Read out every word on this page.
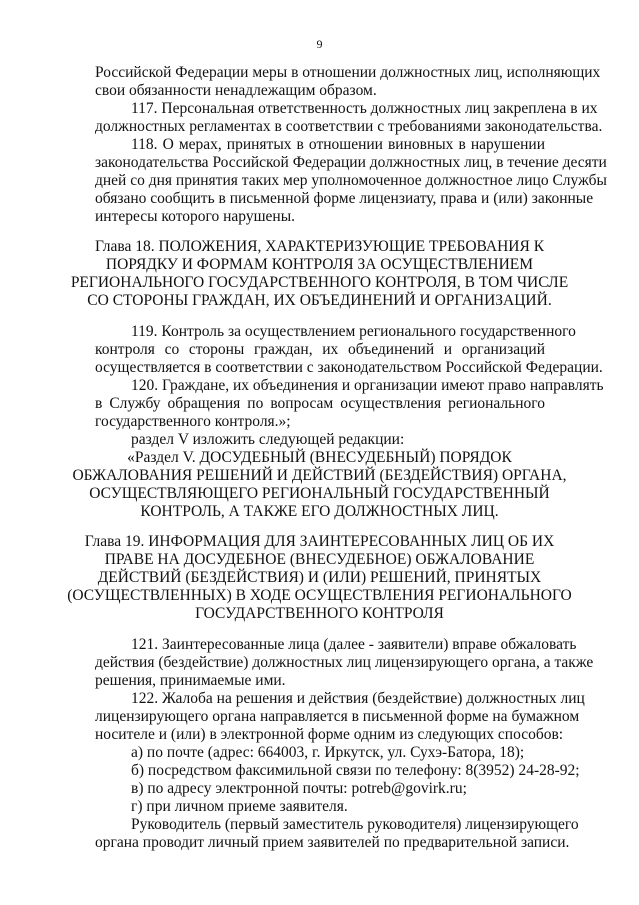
9
Российской Федерации меры в отношении должностных лиц, исполняющих
свои обязанности ненадлежащим образом.
117. Персональная ответственность должностных лиц закреплена в их
должностных регламентах в соответствии с требованиями законодательства.
118. О мерах, принятых в отношении виновных в нарушении
законодательства Российской Федерации должностных лиц, в течение десяти
дней со дня принятия таких мер уполномоченное должностное лицо Службы
обязано сообщить в письменной форме лицензиату, права и (или) законные
интересы которого нарушены.
Глава 18. ПОЛОЖЕНИЯ, ХАРАКТЕРИЗУЮЩИЕ ТРЕБОВАНИЯ К
ПОРЯДКУ И ФОРМАМ КОНТРОЛЯ ЗА ОСУЩЕСТВЛЕНИЕМ
РЕГИОНАЛЬНОГО ГОСУДАРСТВЕННОГО КОНТРОЛЯ, В ТОМ ЧИСЛЕ
СО СТОРОНЫ ГРАЖДАН, ИХ ОБЪЕДИНЕНИЙ И ОРГАНИЗАЦИЙ.
119. Контроль за осуществлением регионального государственного
контроля со стороны граждан, их объединений и организаций
осуществляется в соответствии с законодательством Российской Федерации.
120. Граждане, их объединения и организации имеют право направлять
в Службу обращения по вопросам осуществления регионального
государственного контроля.»;
раздел V изложить следующей редакции:
«Раздел V. ДОСУДЕБНЫЙ (ВНЕСУДЕБНЫЙ) ПОРЯДОК
ОБЖАЛОВАНИЯ РЕШЕНИЙ И ДЕЙСТВИЙ (БЕЗДЕЙСТВИЯ) ОРГАНА,
ОСУЩЕСТВЛЯЮЩЕГО РЕГИОНАЛЬНЫЙ ГОСУДАРСТВЕННЫЙ
КОНТРОЛЬ, А ТАКЖЕ ЕГО ДОЛЖНОСТНЫХ ЛИЦ.
Глава 19. ИНФОРМАЦИЯ ДЛЯ ЗАИНТЕРЕСОВАННЫХ ЛИЦ ОБ ИХ
ПРАВЕ НА ДОСУДЕБНОЕ (ВНЕСУДЕБНОЕ) ОБЖАЛОВАНИЕ
ДЕЙСТВИЙ (БЕЗДЕЙСТВИЯ) И (ИЛИ) РЕШЕНИЙ, ПРИНЯТЫХ
(ОСУЩЕСТВЛЕННЫХ) В ХОДЕ ОСУЩЕСТВЛЕНИЯ РЕГИОНАЛЬНОГО
ГОСУДАРСТВЕННОГО КОНТРОЛЯ
121. Заинтересованные лица (далее - заявители) вправе обжаловать
действия (бездействие) должностных лиц лицензирующего органа, а также
решения, принимаемые ими.
122. Жалоба на решения и действия (бездействие) должностных лиц
лицензирующего органа направляется в письменной форме на бумажном
носителе и (или) в электронной форме одним из следующих способов:
а) по почте (адрес: 664003, г. Иркутск, ул. Сухэ-Батора, 18);
б) посредством факсимильной связи по телефону: 8(3952) 24-28-92;
в) по адресу электронной почты: potreb@govirk.ru;
г) при личном приеме заявителя.
Руководитель (первый заместитель руководителя) лицензирующего
органа проводит личный прием заявителей по предварительной записи.
